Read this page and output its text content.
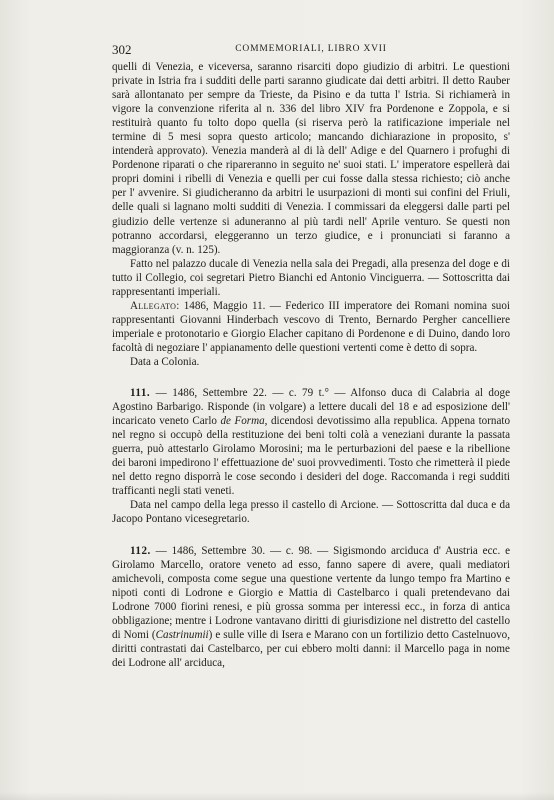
302	COMMEMORIALI, LIBRO XVII

quelli di Venezia, e viceversa, saranno risarciti dopo giudizio di arbitri. Le questioni private in Istria fra i sudditi delle parti saranno giudicate dai detti arbitri. Il detto Rauber sarà allontanato per sempre da Trieste, da Pisino e da tutta l' Istria. Si richiamerà in vigore la convenzione riferita al n. 336 del libro XIV fra Pordenone e Zoppola, e si restituirà quanto fu tolto dopo quella (si riserva però la ratificazione imperiale nel termine di 5 mesi sopra questo articolo; mancando dichiarazione in proposito, s' intenderà approvato). Venezia manderà al di là dell' Adige e del Quarnero i profughi di Pordenone riparati o che ripareranno in seguito ne' suoi stati. L' imperatore espellerà dai propri domini i ribelli di Venezia e quelli per cui fosse dalla stessa richiesto; ciò anche per l' avvenire. Si giudicheranno da arbitri le usurpazioni di monti sui confini del Friuli, delle quali si lagnano molti sudditi di Venezia. I commissari da eleggersi dalle parti pel giudizio delle vertenze si aduneranno al più tardi nell' Aprile venturo. Se questi non potranno accordarsi, eleggeranno un terzo giudice, e i pronunciati si faranno a maggioranza (v. n. 125).

Fatto nel palazzo ducale di Venezia nella sala dei Pregadi, alla presenza del doge e di tutto il Collegio, coi segretari Pietro Bianchi ed Antonio Vinciguerra. — Sottoscritta dai rappresentanti imperiali.

Allegato: 1486, Maggio 11. — Federico III imperatore dei Romani nomina suoi rappresentanti Giovanni Hinderbach vescovo di Trento, Bernardo Pergher cancelliere imperiale e protonotario e Giorgio Elacher capitano di Pordenone e di Duino, dando loro facoltà di negoziare l' appianamento delle questioni vertenti come è detto di sopra.

Data a Colonia.

111. — 1486, Settembre 22. — c. 79 t.° — Alfonso duca di Calabria al doge Agostino Barbarigo. Risponde (in volgare) a lettere ducali del 18 e ad esposizione dell' incaricato veneto Carlo de Forma, dicendosi devotissimo alla republica. Appena tornato nel regno si occupò della restituzione dei beni tolti colà a veneziani durante la passata guerra, può attestarlo Girolamo Morosini; ma le perturbazioni del paese e la ribellione dei baroni impedirono l' effettuazione de' suoi provvedimenti. Tosto che rimetterà il piede nel detto regno disporrà le cose secondo i desideri del doge. Raccomanda i regi sudditi trafficanti negli stati veneti.

Data nel campo della lega presso il castello di Arcione. — Sottoscritta dal duca e da Jacopo Pontano vicesegretario.

112. — 1486, Settembre 30. — c. 98. — Sigismondo arciduca d' Austria ecc. e Girolamo Marcello, oratore veneto ad esso, fanno sapere di avere, quali mediatori amichevoli, composta come segue una questione vertente da lungo tempo fra Martino e nipoti conti di Lodrone e Giorgio e Mattia di Castelbarco i quali pretendevano dai Lodrone 7000 fiorini renesi, e più grossa somma per interessi ecc., in forza di antica obbligazione; mentre i Lodrone vantavano diritti di giurisdizione nel distretto del castello di Nomi (Castrinumii) e sulle ville di Isera e Marano con un fortilizio detto Castelnuovo, diritti contrastati dai Castelbarco, per cui ebbero molti danni: il Marcello paga in nome dei Lodrone all' arciduca,
